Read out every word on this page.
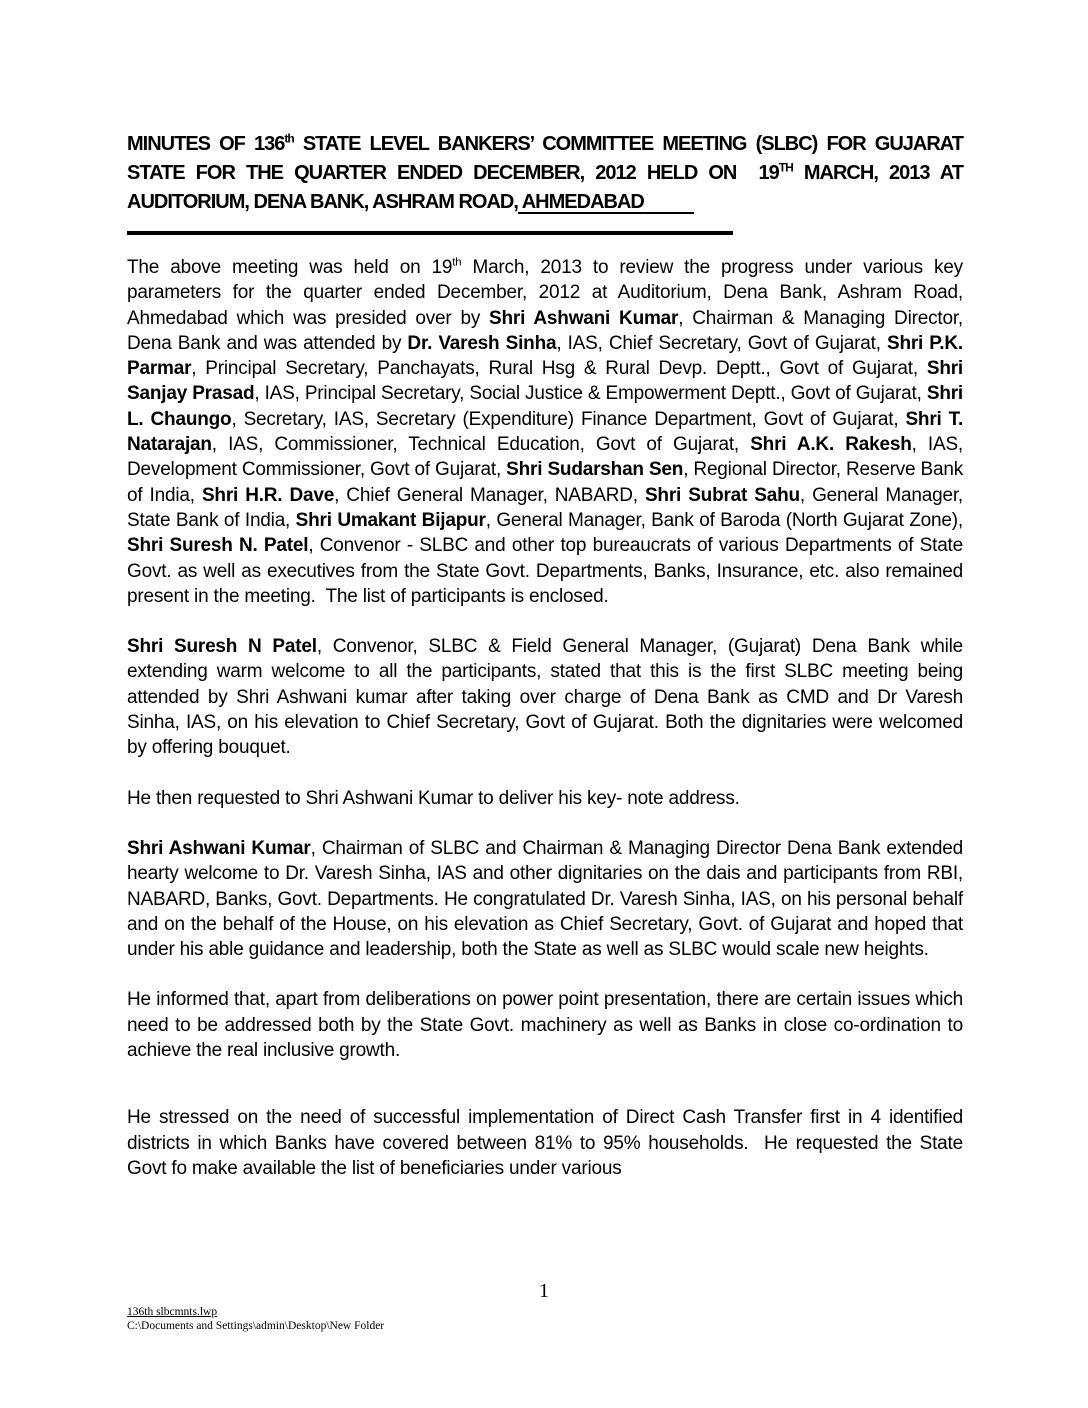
MINUTES OF 136th STATE LEVEL BANKERS’ COMMITTEE MEETING (SLBC) FOR GUJARAT STATE FOR THE QUARTER ENDED DECEMBER, 2012 HELD ON  19TH MARCH, 2013 AT AUDITORIUM, DENA BANK, ASHRAM ROAD, AHMEDABAD

The above meeting was held on 19th March, 2013 to review the progress under various key parameters for the quarter ended December, 2012 at Auditorium, Dena Bank, Ashram Road, Ahmedabad which was presided over by Shri Ashwani Kumar, Chairman & Managing Director, Dena Bank and was attended by Dr. Varesh Sinha, IAS, Chief Secretary, Govt of Gujarat, Shri P.K. Parmar, Principal Secretary, Panchayats, Rural Hsg & Rural Devp. Deptt., Govt of Gujarat, Shri Sanjay Prasad, IAS, Principal Secretary, Social Justice & Empowerment Deptt., Govt of Gujarat, Shri L. Chaungo, Secretary, IAS, Secretary (Expenditure) Finance Department, Govt of Gujarat, Shri T. Natarajan, IAS, Commissioner, Technical Education, Govt of Gujarat, Shri A.K. Rakesh, IAS, Development Commissioner, Govt of Gujarat, Shri Sudarshan Sen, Regional Director, Reserve Bank of India, Shri H.R. Dave, Chief General Manager, NABARD, Shri Subrat Sahu, General Manager, State Bank of India, Shri Umakant Bijapur, General Manager, Bank of Baroda (North Gujarat Zone), Shri Suresh N. Patel, Convenor - SLBC and other top bureaucrats of various Departments of State Govt. as well as executives from the State Govt. Departments, Banks, Insurance, etc. also remained present in the meeting.  The list of participants is enclosed.

Shri Suresh N Patel, Convenor, SLBC & Field General Manager, (Gujarat) Dena Bank while extending warm welcome to all the participants, stated that this is the first SLBC meeting being attended by Shri Ashwani kumar after taking over charge of Dena Bank as CMD and Dr Varesh Sinha, IAS, on his elevation to Chief Secretary, Govt of Gujarat. Both the dignitaries were welcomed by offering bouquet.

He then requested to Shri Ashwani Kumar to deliver his key- note address.

Shri Ashwani Kumar, Chairman of SLBC and Chairman & Managing Director Dena Bank extended hearty welcome to Dr. Varesh Sinha, IAS and other dignitaries on the dais and participants from RBI, NABARD, Banks, Govt. Departments. He congratulated Dr. Varesh Sinha, IAS, on his personal behalf and on the behalf of the House, on his elevation as Chief Secretary, Govt. of Gujarat and hoped that under his able guidance and leadership, both the State as well as SLBC would scale new heights.

He informed that, apart from deliberations on power point presentation, there are certain issues which need to be addressed both by the State Govt. machinery as well as Banks in close co-ordination to achieve the real inclusive growth.

He stressed on the need of successful implementation of Direct Cash Transfer first in 4 identified districts in which Banks have covered between 81% to 95% households.  He requested the State Govt fo make available the list of beneficiaries under various

1
136th slbcmnts.lwp
C:\Documents and Settings\admin\Desktop\New Folder
